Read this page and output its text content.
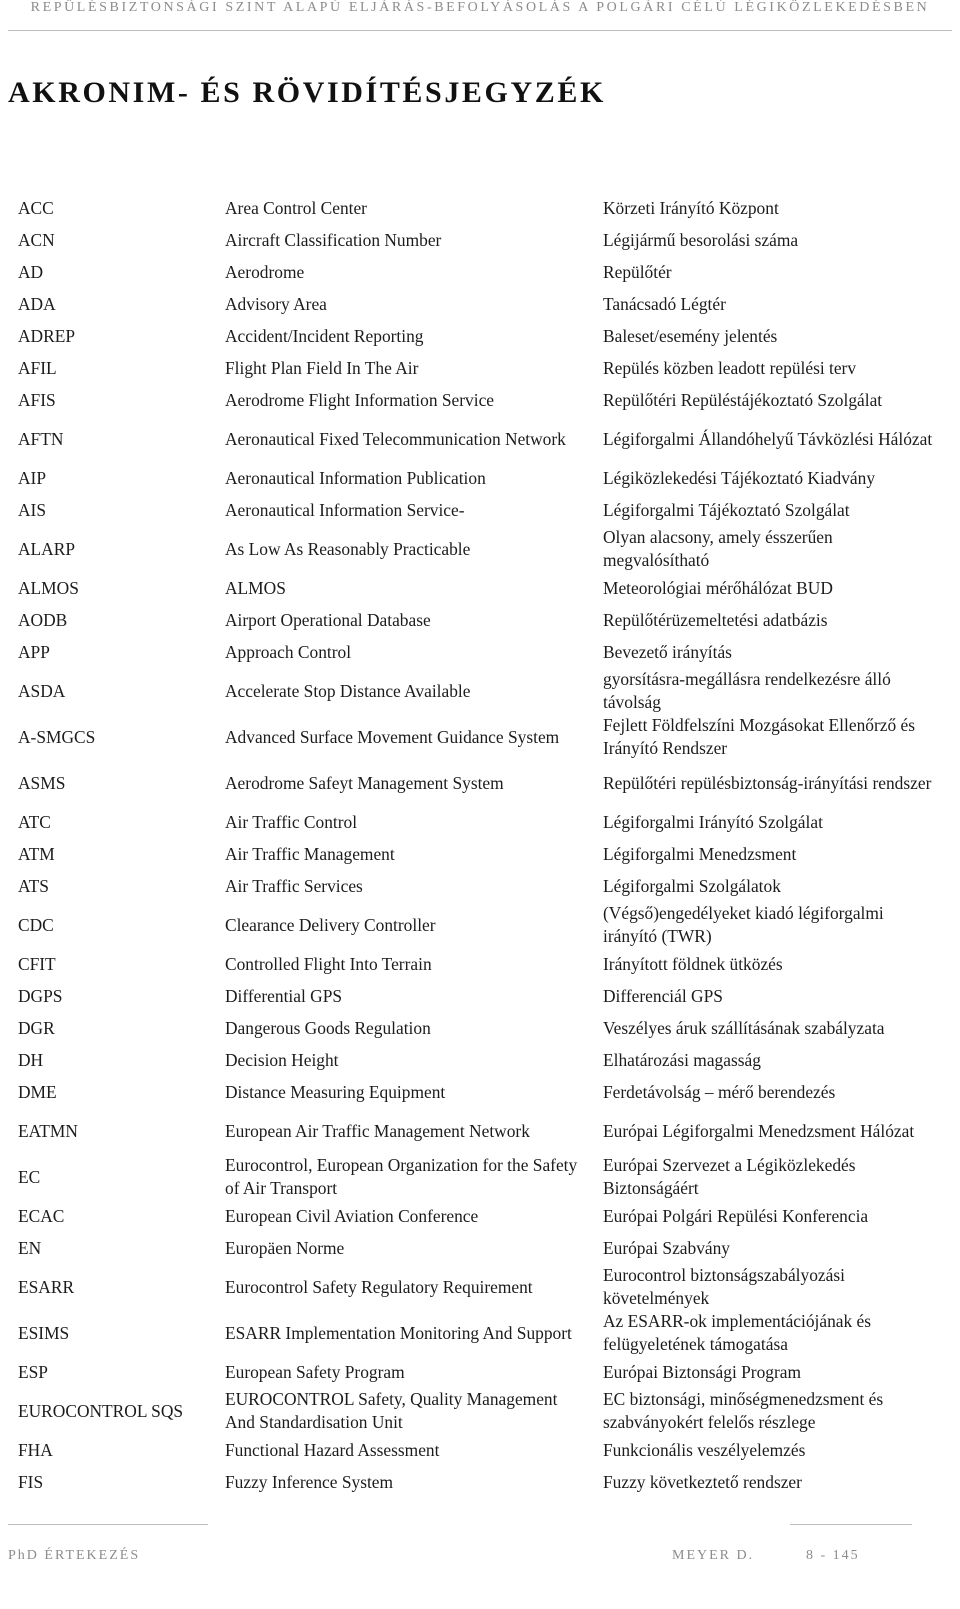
REPÜLÉSBIZTONSÁGI SZINT ALAPÚ ELJÁRÁS-BEFOLYÁSOLÁS A POLGÁRI CÉLÚ LÉGIKÖZLEKEDÉSBEN
AKRONIM- ÉS RÖVIDÍTÉSJEGYZÉK
ACC	Area Control Center	Körzeti Irányító Központ
ACN	Aircraft Classification Number	Légijármű besorolási száma
AD	Aerodrome	Repülőtér
ADA	Advisory Area	Tanácsadó Légtér
ADREP	Accident/Incident Reporting	Baleset/esemény jelentés
AFIL	Flight Plan Field In The Air	Repülés közben leadott repülési terv
AFIS	Aerodrome Flight Information Service	Repülőtéri Repüléstájékoztató Szolgálat
AFTN	Aeronautical Fixed Telecommunication Network	Légiforgalmi Állandóhelyű Távközlési Hálózat
AIP	Aeronautical Information Publication	Légiközlekedési Tájékoztató Kiadvány
AIS	Aeronautical Information Service-	Légiforgalmi Tájékoztató Szolgálat
ALARP	As Low As Reasonably Practicable	Olyan alacsony, amely ésszerűen megvalósítható
ALMOS	ALMOS	Meteorológiai mérőhálózat BUD
AODB	Airport Operational Database	Repülőtérüzemeltetési adatbázis
APP	Approach Control	Bevezető irányítás
ASDA	Accelerate Stop Distance Available	gyorsításra-megállásra rendelkezésre álló távolság
A-SMGCS	Advanced Surface Movement Guidance System	Fejlett Földfelszíni Mozgásokat Ellenőrző és Irányító Rendszer
ASMS	Aerodrome Safeyt Management System	Repülőtéri repülésbiztonság-irányítási rendszer
ATC	Air Traffic Control	Légiforgalmi Irányító Szolgálat
ATM	Air Traffic Management	Légiforgalmi Menedzsment
ATS	Air Traffic Services	Légiforgalmi Szolgálatok
CDC	Clearance Delivery Controller	(Végső)engedélyeket kiadó légiforgalmi irányító (TWR)
CFIT	Controlled Flight Into Terrain	Irányított földnek ütközés
DGPS	Differential GPS	Differenciál GPS
DGR	Dangerous Goods Regulation	Veszélyes áruk szállításának szabályzata
DH	Decision Height	Elhatározási magasság
DME	Distance Measuring Equipment	Ferdetávolság – mérő berendezés
EATMN	European Air Traffic Management Network	Európai Légiforgalmi Menedzsment Hálózat
EC	Eurocontrol, European Organization for the Safety of Air Transport	Európai Szervezet a Légiközlekedés Biztonságáért
ECAC	European Civil Aviation Conference	Európai Polgári Repülési Konferencia
EN	Europäen Norme	Európai Szabvány
ESARR	Eurocontrol Safety Regulatory Requirement	Eurocontrol biztonságszabályozási követelmények
ESIMS	ESARR Implementation Monitoring And Support	Az ESARR-ok implementációjának és felügyeletének támogatása
ESP	European Safety Program	Európai Biztonsági Program
EUROCONTROL SQS	EUROCONTROL Safety, Quality Management And Standardisation Unit	EC biztonsági, minőségmenedzsment és szabványokért felelős részlege
FHA	Functional Hazard Assessment	Funkcionális veszélyelemzés
FIS	Fuzzy Inference System	Fuzzy következtető rendszer
PhD ÉRTEKEZÉS	MEYER D.	8 - 145
